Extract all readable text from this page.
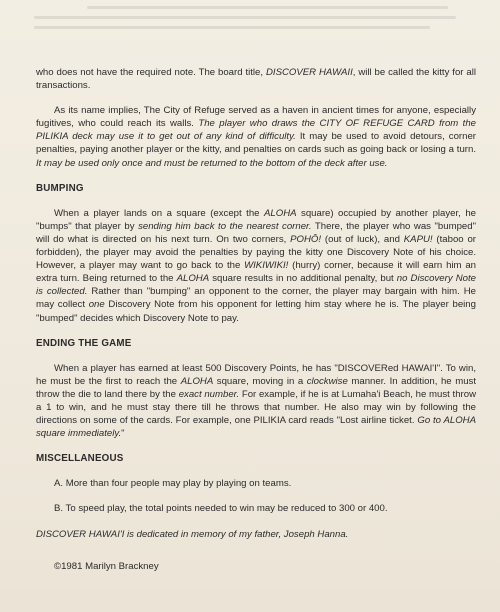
who does not have the required note. The board title, DISCOVER HAWAII, will be called the kitty for all transactions.

As its name implies, The City of Refuge served as a haven in ancient times for anyone, especially fugitives, who could reach its walls. The player who draws the CITY OF REFUGE CARD from the PILIKIA deck may use it to get out of any kind of difficulty. It may be used to avoid detours, corner penalties, paying another player or the kitty, and penalties on cards such as going back or losing a turn. It may be used only once and must be returned to the bottom of the deck after use.

BUMPING

When a player lands on a square (except the ALOHA square) occupied by another player, he "bumps" that player by sending him back to the nearest corner. There, the player who was "bumped" will do what is directed on his next turn. On two corners, POHŌ! (out of luck), and KAPU! (taboo or forbidden), the player may avoid the penalties by paying the kitty one Discovery Note of his choice. However, a player may want to go back to the WIKIWIKI! (hurry) corner, because it will earn him an extra turn. Being returned to the ALOHA square results in no additional penalty, but no Discovery Note is collected. Rather than "bumping" an opponent to the corner, the player may bargain with him. He may collect one Discovery Note from his opponent for letting him stay where he is. The player being "bumped" decides which Discovery Note to pay.

ENDING THE GAME

When a player has earned at least 500 Discovery Points, he has "DISCOVERed HAWAI'I". To win, he must be the first to reach the ALOHA square, moving in a clockwise manner. In addition, he must throw the die to land there by the exact number. For example, if he is at Lumaha'i Beach, he must throw a 1 to win, and he must stay there till he throws that number. He also may win by following the directions on some of the cards. For example, one PILIKIA card reads "Lost airline ticket. Go to ALOHA square immediately."

MISCELLANEOUS

A. More than four people may play by playing on teams.

B. To speed play, the total points needed to win may be reduced to 300 or 400.

DISCOVER HAWAI'I is dedicated in memory of my father, Joseph Hanna.

©1981 Marilyn Brackney
